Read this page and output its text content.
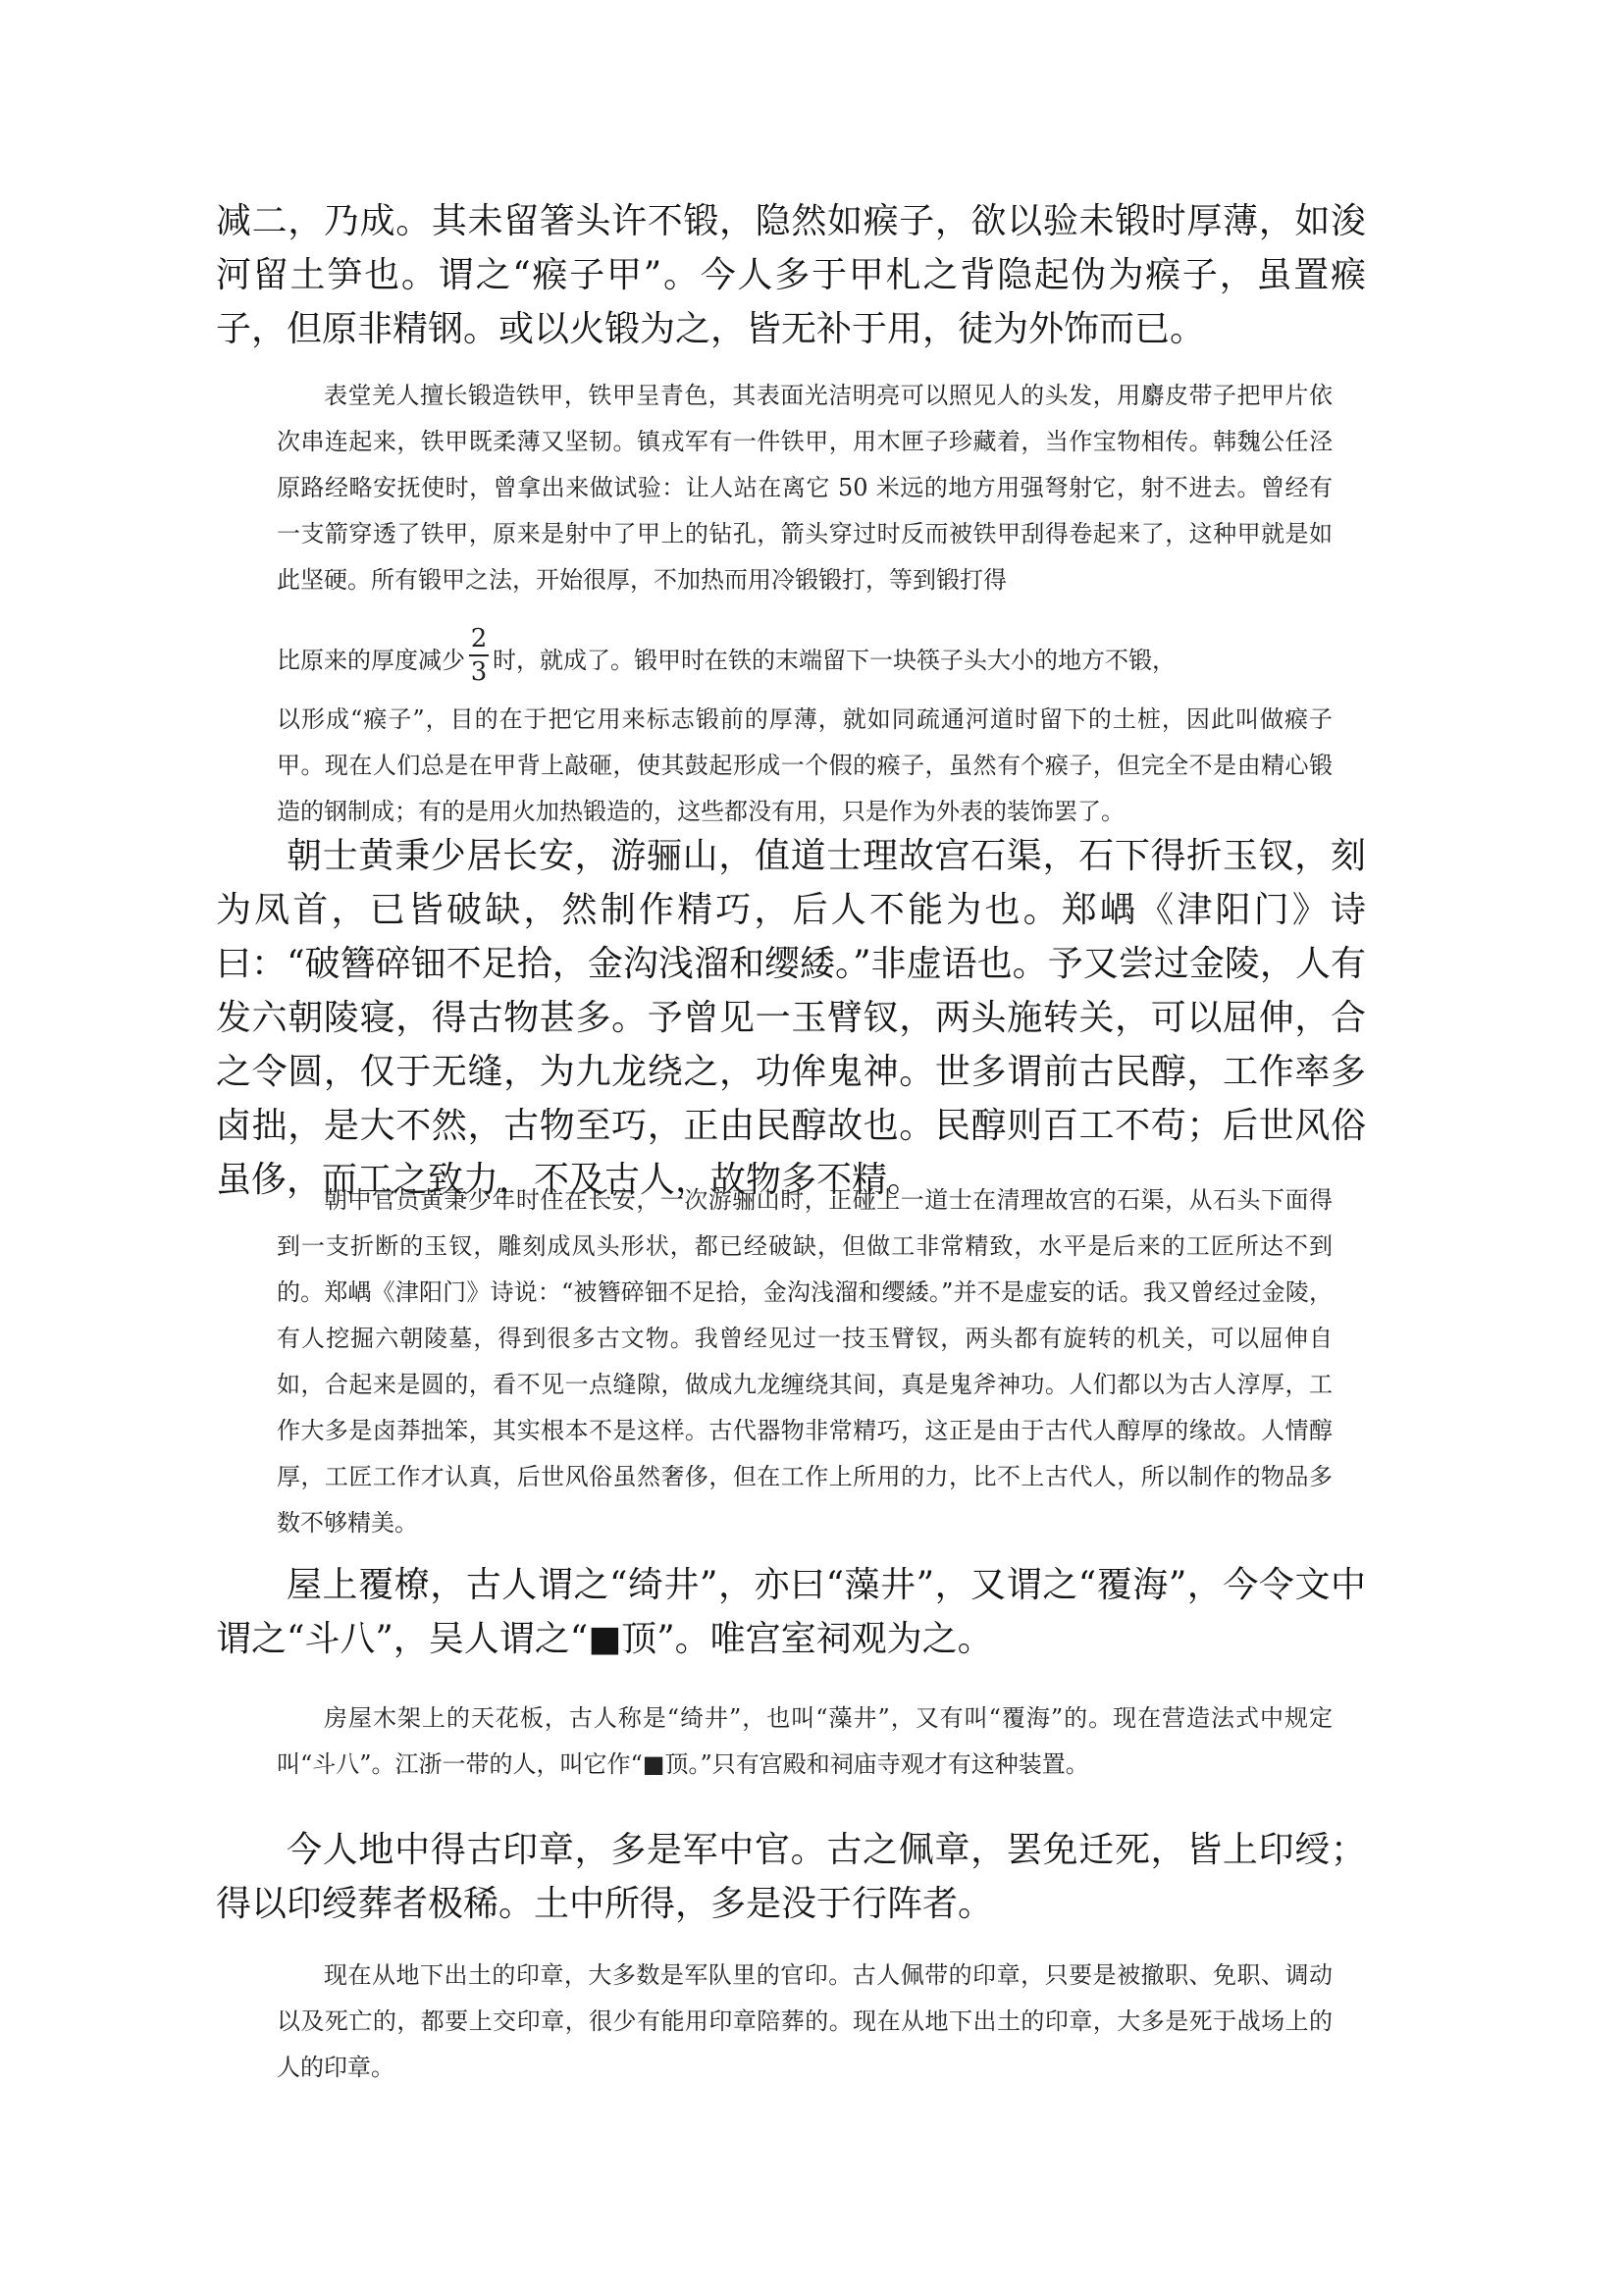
减二，乃成。其未留箸头许不锻，隐然如瘊子，欲以验未锻时厚薄，如浚河留土笋也。谓之“瘊子甲”。今人多于甲札之背隐起伪为瘊子，虽置瘊子，但原非精钢。或以火锻为之，皆无补于用，徒为外饰而已。

表堂羌人擅长锻造铁甲，铁甲呈青色，其表面光洁明亮可以照见人的头发，用麝皮带子把甲片依次串连起来，铁甲既柔薄又坚韧。镇戎军有一件铁甲，用木匣子珍藏着，当作宝物相传。韩魏公任泾原路经略安抚使时，曾拿出来做试验：让人站在离它 50 米远的地方用强弩射它，射不进去。曾经有一支箭穿透了铁甲，原来是射中了甲上的钻孔，箭头穿过时反而被铁甲刮得卷起来了，这种甲就是如此坚硬。所有锻甲之法，开始很厚，不加热而用冷锻锻打，等到锻打得

比原来的厚度减少 时，就成了。锻甲时在铁的末端留下一块筷子头大小的地方不锻，
2
3

以形成“瘊子”，目的在于把它用来标志锻前的厚薄，就如同疏通河道时留下的土桩，因此叫做瘊子甲。现在人们总是在甲背上敲砸，使其鼓起形成一个假的瘊子，虽然有个瘊子，但完全不是由精心锻造的钢制成；有的是用火加热锻造的，这些都没有用，只是作为外表的装饰罢了。

朝士黄秉少居长安，游骊山，值道士理故宫石渠，石下得折玉钗，刻为凤首，已皆破缺，然制作精巧，后人不能为也。郑嵎《津阳门》诗曰：“破簪碎钿不足拾，金沟浅溜和缨緌。”非虚语也。予又尝过金陵，人有发六朝陵寝，得古物甚多。予曾见一玉臂钗，两头施转关，可以屈伸，合之令圆，仅于无缝，为九龙绕之，功侔鬼神。世多谓前古民醇，工作率多卤拙，是大不然，古物至巧，正由民醇故也。民醇则百工不苟；后世风俗虽侈，而工之致力，不及古人，故物多不精。

朝中官员黄秉少年时住在长安，一次游骊山时，正碰上一道士在清理故宫的石渠，从石头下面得到一支折断的玉钗，雕刻成凤头形状，都已经破缺，但做工非常精致，水平是后来的工匠所达不到的。郑嵎《津阳门》诗说：“被簪碎钿不足拾，金沟浅溜和缨緌。”并不是虚妄的话。我又曾经过金陵，有人挖掘六朝陵墓，得到很多古文物。我曾经见过一技玉臂钗，两头都有旋转的机关，可以屈伸自如，合起来是圆的，看不见一点缝隙，做成九龙缠绕其间，真是鬼斧神功。人们都以为古人淳厚，工作大多是卤莽拙笨，其实根本不是这样。古代器物非常精巧，这正是由于古代人醇厚的缘故。人情醇厚，工匠工作才认真，后世风俗虽然奢侈，但在工作上所用的力，比不上古代人，所以制作的物品多数不够精美。

屋上覆橑，古人谓之“绮井”，亦曰“藻井”，又谓之“覆海”，今令文中谓之“斗八”，吴人谓之“■顶”。唯宫室祠观为之。

房屋木架上的天花板，古人称是“绮井”，也叫“藻井”，又有叫“覆海”的。现在营造法式中规定叫“斗八”。江浙一带的人，叫它作“■顶。”只有宫殿和祠庙寺观才有这种装置。

今人地中得古印章，多是军中官。古之佩章，罢免迁死，皆上印绶；得以印绶葬者极稀。土中所得，多是没于行阵者。

现在从地下出土的印章，大多数是军队里的官印。古人佩带的印章，只要是被撤职、免职、调动以及死亡的，都要上交印章，很少有能用印章陪葬的。现在从地下出土的印章，大多是死于战场上的人的印章。
